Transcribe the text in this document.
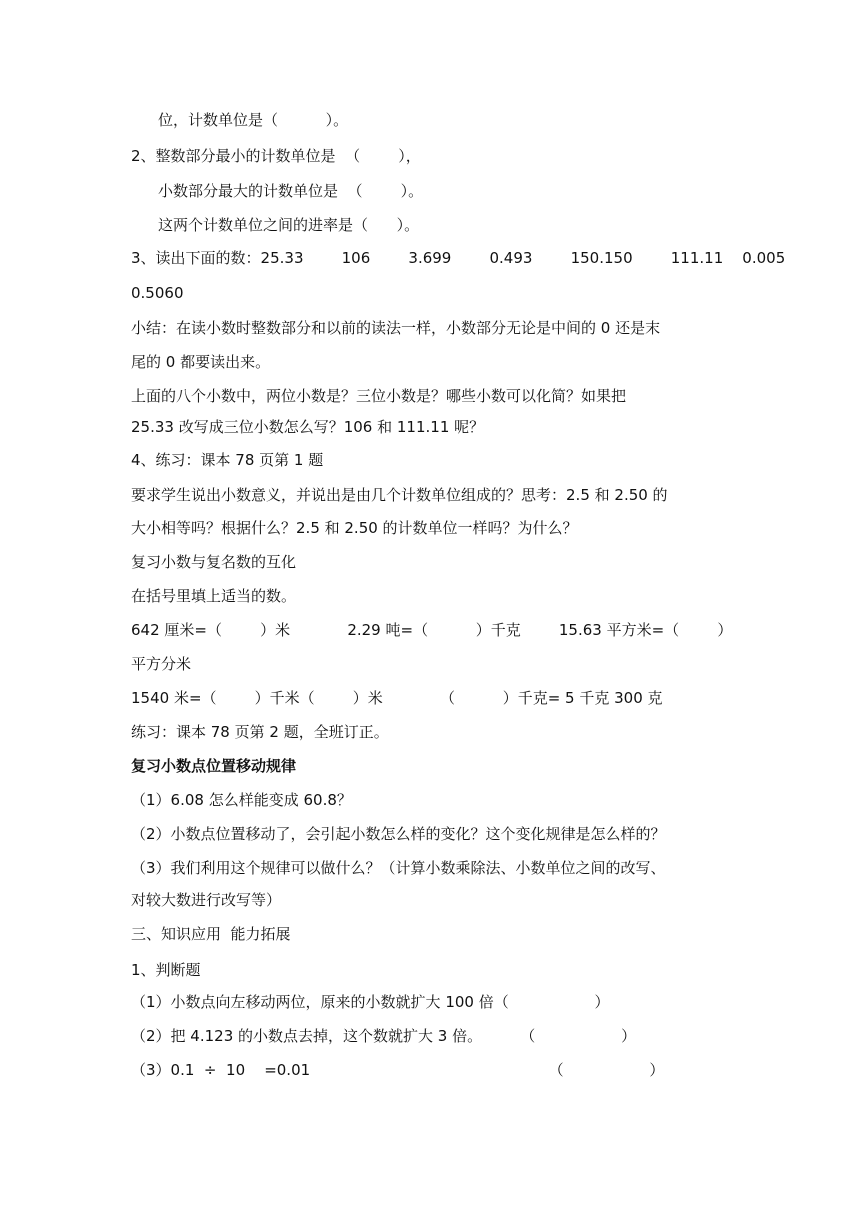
位，计数单位是（          ）。
2、整数部分最小的计数单位是  （        ），
小数部分最大的计数单位是  （        ）。
这两个计数单位之间的进率是（      ）。
3、读出下面的数：25.33        106        3.699        0.493        150.150        111.11    0.005
0.5060
小结：在读小数时整数部分和以前的读法一样，小数部分无论是中间的 0 还是末
尾的 0 都要读出来。
上面的八个小数中，两位小数是？三位小数是？哪些小数可以化简？如果把
25.33 改写成三位小数怎么写？106 和 111.11 呢？
4、练习：课本 78 页第 1 题
要求学生说出小数意义，并说出是由几个计数单位组成的？思考：2.5 和 2.50 的
大小相等吗？根据什么？2.5 和 2.50 的计数单位一样吗？为什么？
复习小数与复名数的互化
在括号里填上适当的数。
642 厘米=（        ）米            2.29 吨=（          ）千克        15.63 平方米=（        ）
平方分米
1540 米=（        ）千米（        ）米            （          ）千克= 5 千克 300 克
练习：课本 78 页第 2 题，全班订正。
复习小数点位置移动规律
（1）6.08 怎么样能变成 60.8？
（2）小数点位置移动了，会引起小数怎么样的变化？这个变化规律是怎么样的？
（3）我们利用这个规律可以做什么？（计算小数乘除法、小数单位之间的改写、
对较大数进行改写等）
三、知识应用  能力拓展
1、判断题
（1）小数点向左移动两位，原来的小数就扩大 100 倍（                  ）
（2）把 4.123 的小数点去掉，这个数就扩大 3 倍。        （                  ）
（3）0.1  ÷  10    =0.01                                                  （                  ）
